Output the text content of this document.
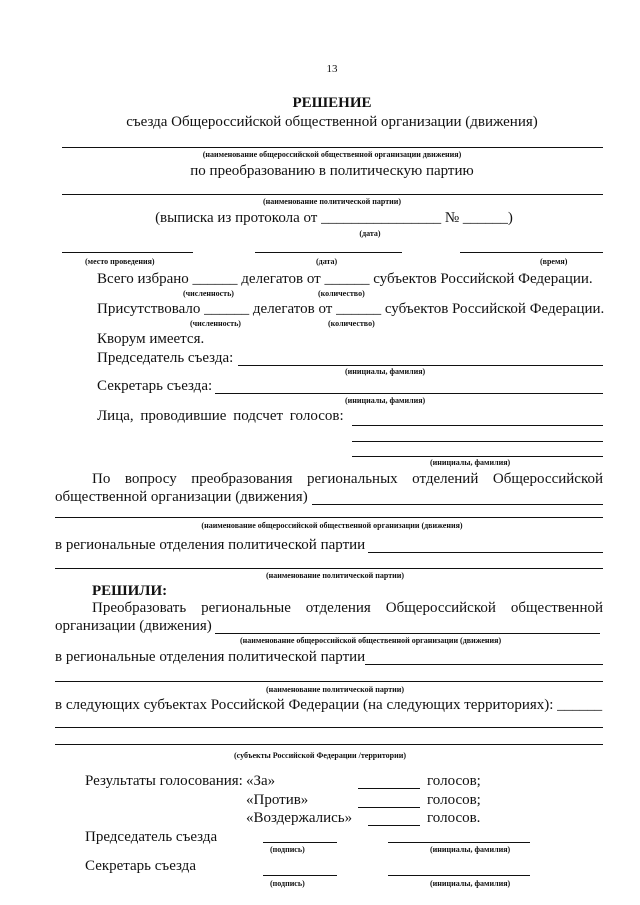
13
РЕШЕНИЕ
съезда Общероссийской общественной организации (движения)
(наименование общероссийской общественной организации движения)
по преобразованию в политическую партию
(наименование политической партии)
(выписка из протокола от ________________ № ______)
(дата)
(место проведения)	(дата)	(время)
Всего избрано ______ делегатов от ______ субъектов Российской Федерации.
(численность)	(количество)
Присутствовало ______ делегатов от ______ субъектов Российской Федерации.
(численность)	(количество)
Кворум имеется.
Председатель съезда:
(инициалы, фамилия)
Секретарь съезда:
(инициалы, фамилия)
Лица, проводившие подсчет голосов:
(инициалы, фамилия)
По вопросу преобразования региональных отделений Общероссийской
общественной организации (движения)
(наименование общероссийской общественной организации (движения)
в региональные отделения политической партии
(наименование политической партии)
РЕШИЛИ:
Преобразовать региональные отделения Общероссийской общественной
организации (движения)
(наименование общероссийской общественной организации (движения)
в региональные отделения политической партии
(наименование политической партии)
в следующих субъектах Российской Федерации (на следующих территориях): ______
(субъекты Российской Федерации /территории)
Результаты голосования: «За»	голосов;
«Против»	голосов;
«Воздержались»	голосов.
Председатель съезда
(подпись)	(инициалы, фамилия)
Секретарь съезда
(подпись)	(инициалы, фамилия)
